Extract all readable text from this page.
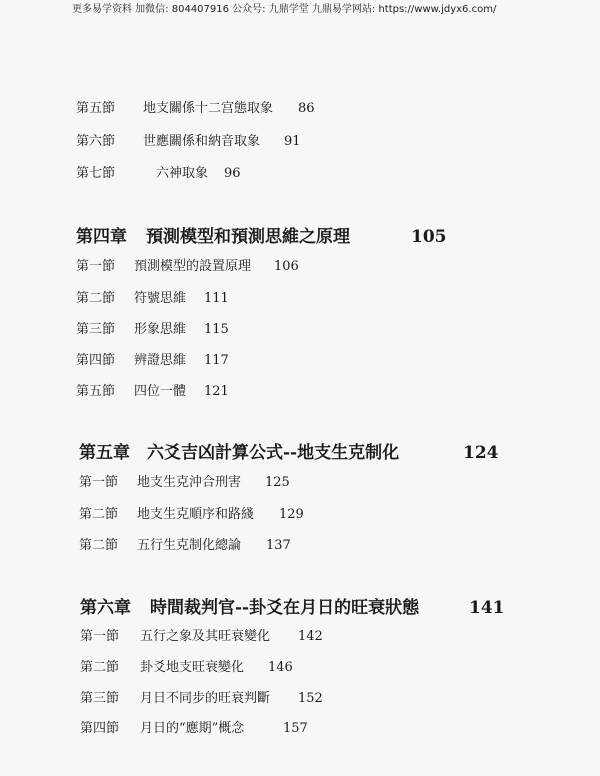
更多易学资料 加微信: 804407916 公众号: 九鼎学堂 九鼎易学网站: https://www.jdyx6.com/
第五節 地支關係十二宫態取象 86
第六節 世應關係和納音取象 91
第七節	六神取象 96
第四章 預測模型和預測思維之原理	105
第一節 預測模型的設置原理 106
第二節 符號思維 111
第三節 形象思維 115
第四節 辨證思維 117
第五節 四位一體 121
第五章 六爻吉凶計算公式--地支生克制化	124
第一節 地支生克沖合刑害 125
第二節 地支生克順序和路綫 129
第二節 五行生克制化總論 137
第六章 時間裁判官--卦爻在月日的旺衰狀態	141
第一節 五行之象及其旺衰變化 142
第二節 卦爻地支旺衰變化 146
第三節 月日不同步的旺衰判斷 152
第四節 月日的“應期”概念	157
